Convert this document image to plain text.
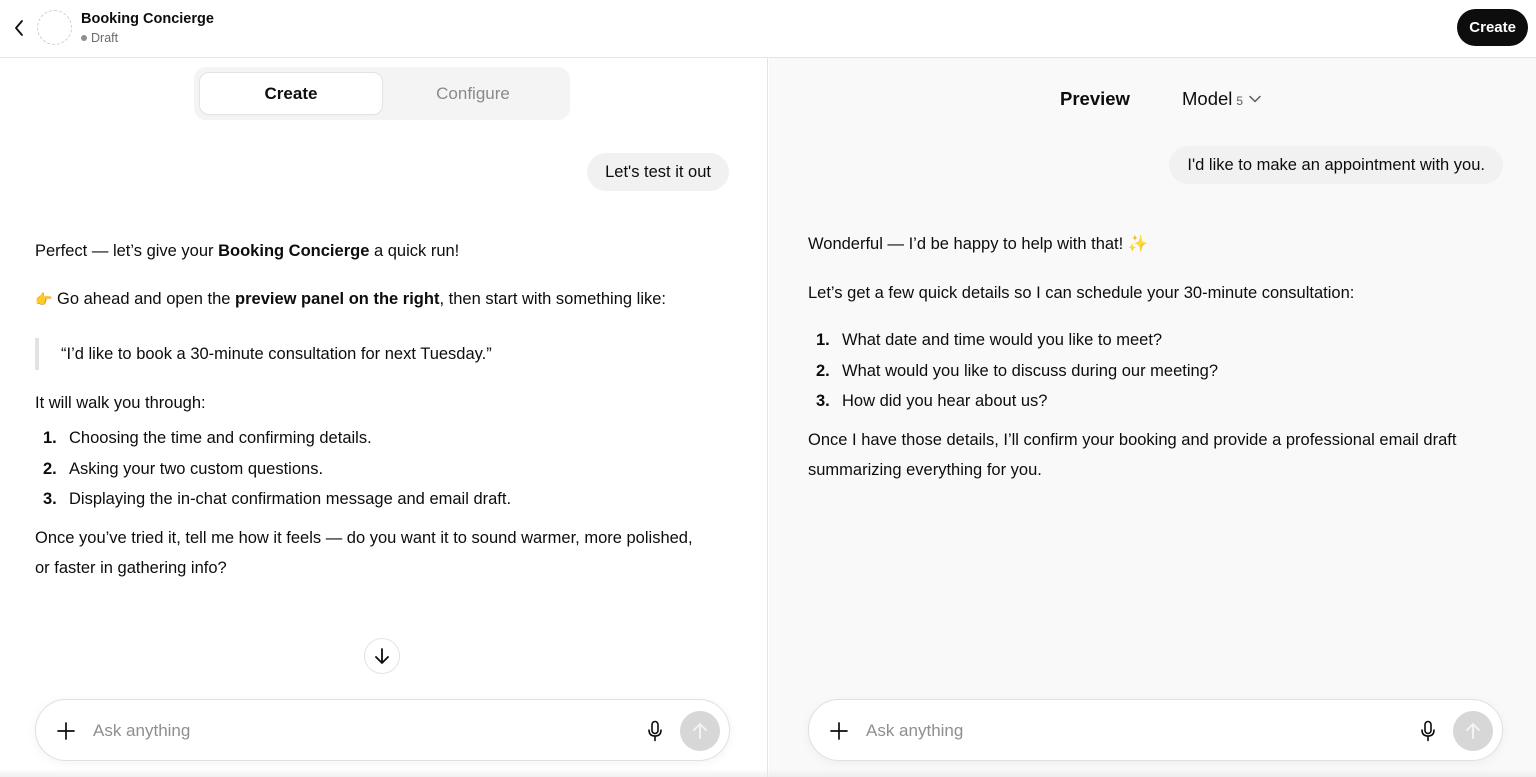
Booking Concierge
Draft
Create
Create	Configure
Let's test it out
Perfect — let’s give your Booking Concierge a quick run!
👉 Go ahead and open the preview panel on the right, then start with something like:
“I’d like to book a 30-minute consultation for next Tuesday.”
It will walk you through:
1. Choosing the time and confirming details.
2. Asking your two custom questions.
3. Displaying the in-chat confirmation message and email draft.
Once you’ve tried it, tell me how it feels — do you want it to sound warmer, more polished, or faster in gathering info?
Ask anything
Preview	Model 5
I'd like to make an appointment with you.
Wonderful — I’d be happy to help with that! ✨
Let’s get a few quick details so I can schedule your 30-minute consultation:
1. What date and time would you like to meet?
2. What would you like to discuss during our meeting?
3. How did you hear about us?
Once I have those details, I’ll confirm your booking and provide a professional email draft summarizing everything for you.
Ask anything
